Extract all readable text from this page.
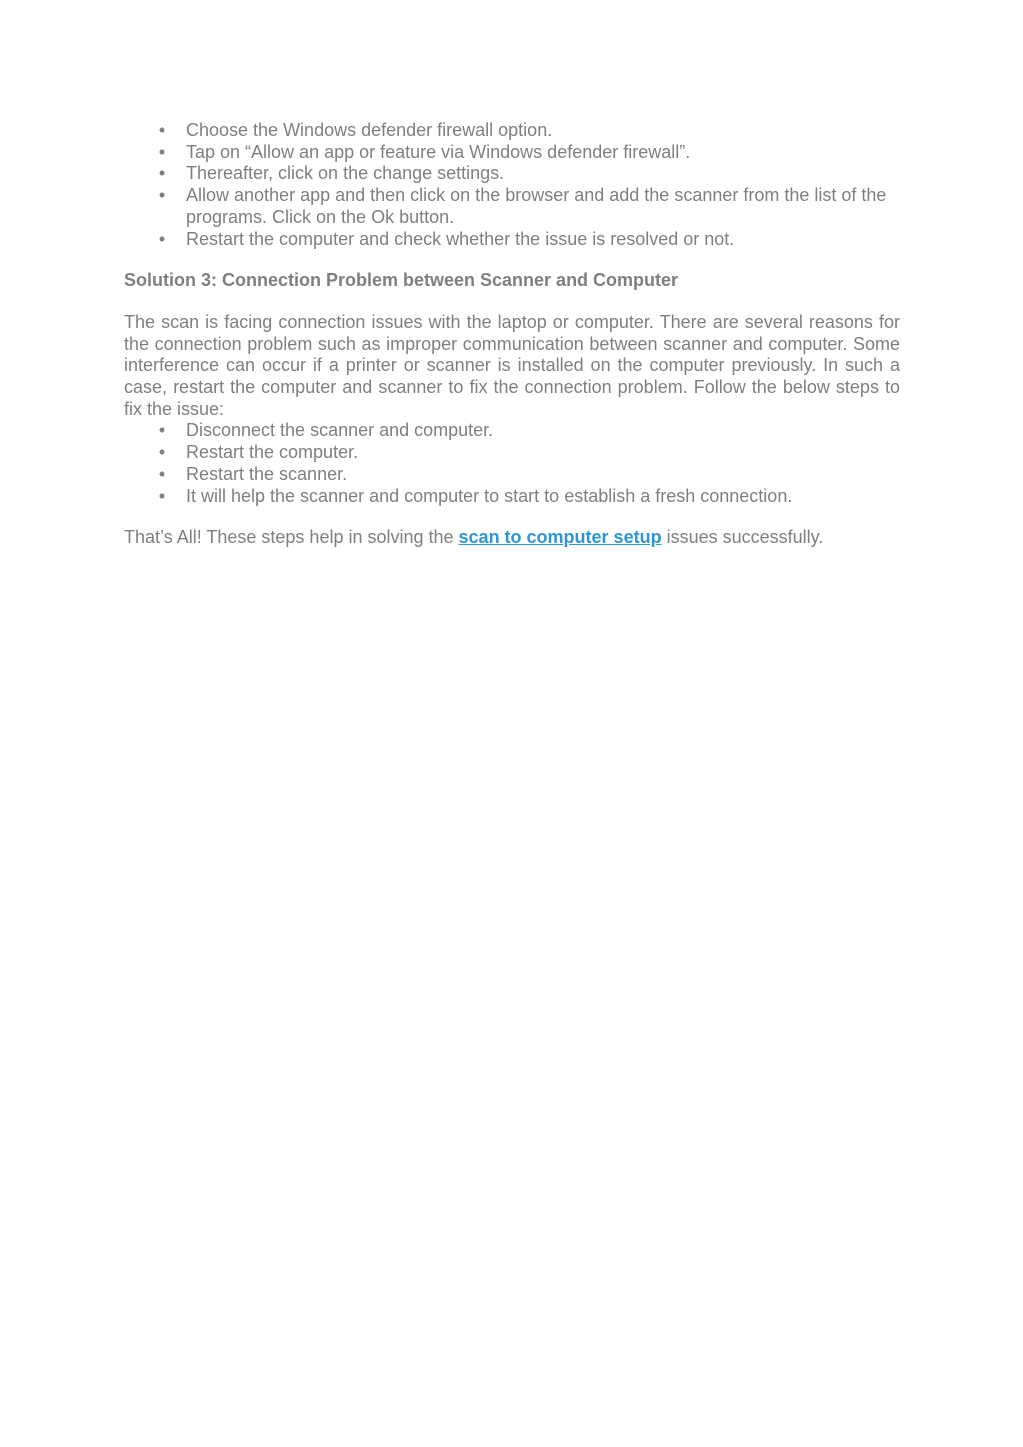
• Choose the Windows defender firewall option.
• Tap on “Allow an app or feature via Windows defender firewall”.
• Thereafter, click on the change settings.
• Allow another app and then click on the browser and add the scanner from the list of the programs. Click on the Ok button.
• Restart the computer and check whether the issue is resolved or not.
Solution 3: Connection Problem between Scanner and Computer
The scan is facing connection issues with the laptop or computer. There are several reasons for the connection problem such as improper communication between scanner and computer. Some interference can occur if a printer or scanner is installed on the computer previously. In such a case, restart the computer and scanner to fix the connection problem. Follow the below steps to fix the issue:
• Disconnect the scanner and computer.
• Restart the computer.
• Restart the scanner.
• It will help the scanner and computer to start to establish a fresh connection.
That’s All! These steps help in solving the scan to computer setup issues successfully.
